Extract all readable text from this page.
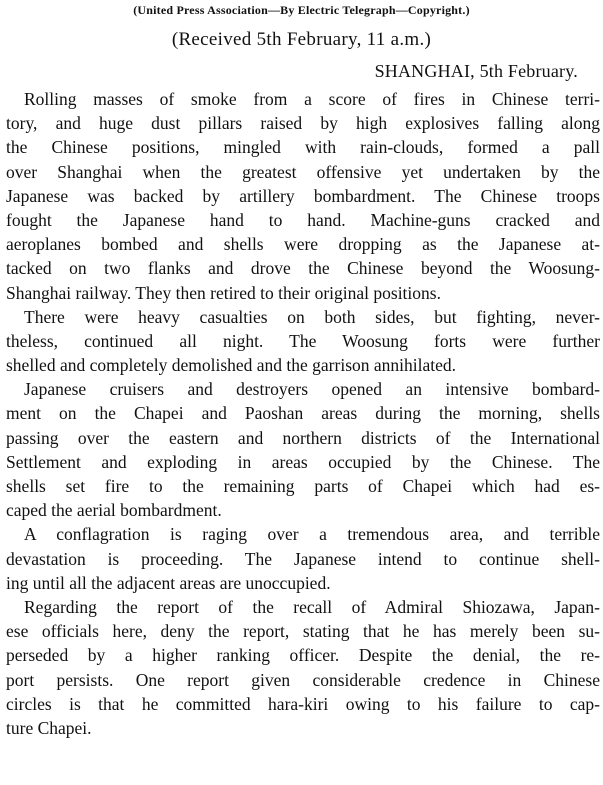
(United Press Association—By Electric Telegraph—Copyright.)
(Received 5th February, 11 a.m.)
SHANGHAI, 5th February.
Rolling masses of smoke from a score of fires in Chinese terri-
tory, and huge dust pillars raised by high explosives falling along
the Chinese positions, mingled with rain-clouds, formed a pall
over Shanghai when the greatest offensive yet undertaken by the
Japanese was backed by artillery bombardment. The Chinese troops
fought the Japanese hand to hand. Machine-guns cracked and
aeroplanes bombed and shells were dropping as the Japanese at-
tacked on two flanks and drove the Chinese beyond the Woosung-
Shanghai railway. They then retired to their original positions.
There were heavy casualties on both sides, but fighting, never-
theless, continued all night. The Woosung forts were further
shelled and completely demolished and the garrison annihilated.
Japanese cruisers and destroyers opened an intensive bombard-
ment on the Chapei and Paoshan areas during the morning, shells
passing over the eastern and northern districts of the International
Settlement and exploding in areas occupied by the Chinese. The
shells set fire to the remaining parts of Chapei which had es-
caped the aerial bombardment.
A conflagration is raging over a tremendous area, and terrible
devastation is proceeding. The Japanese intend to continue shell-
ing until all the adjacent areas are unoccupied.
Regarding the report of the recall of Admiral Shiozawa, Japan-
ese officials here, deny the report, stating that he has merely been su-
perseded by a higher ranking officer. Despite the denial, the re-
port persists. One report given considerable credence in Chinese
circles is that he committed hara-kiri owing to his failure to cap-
ture Chapei.
